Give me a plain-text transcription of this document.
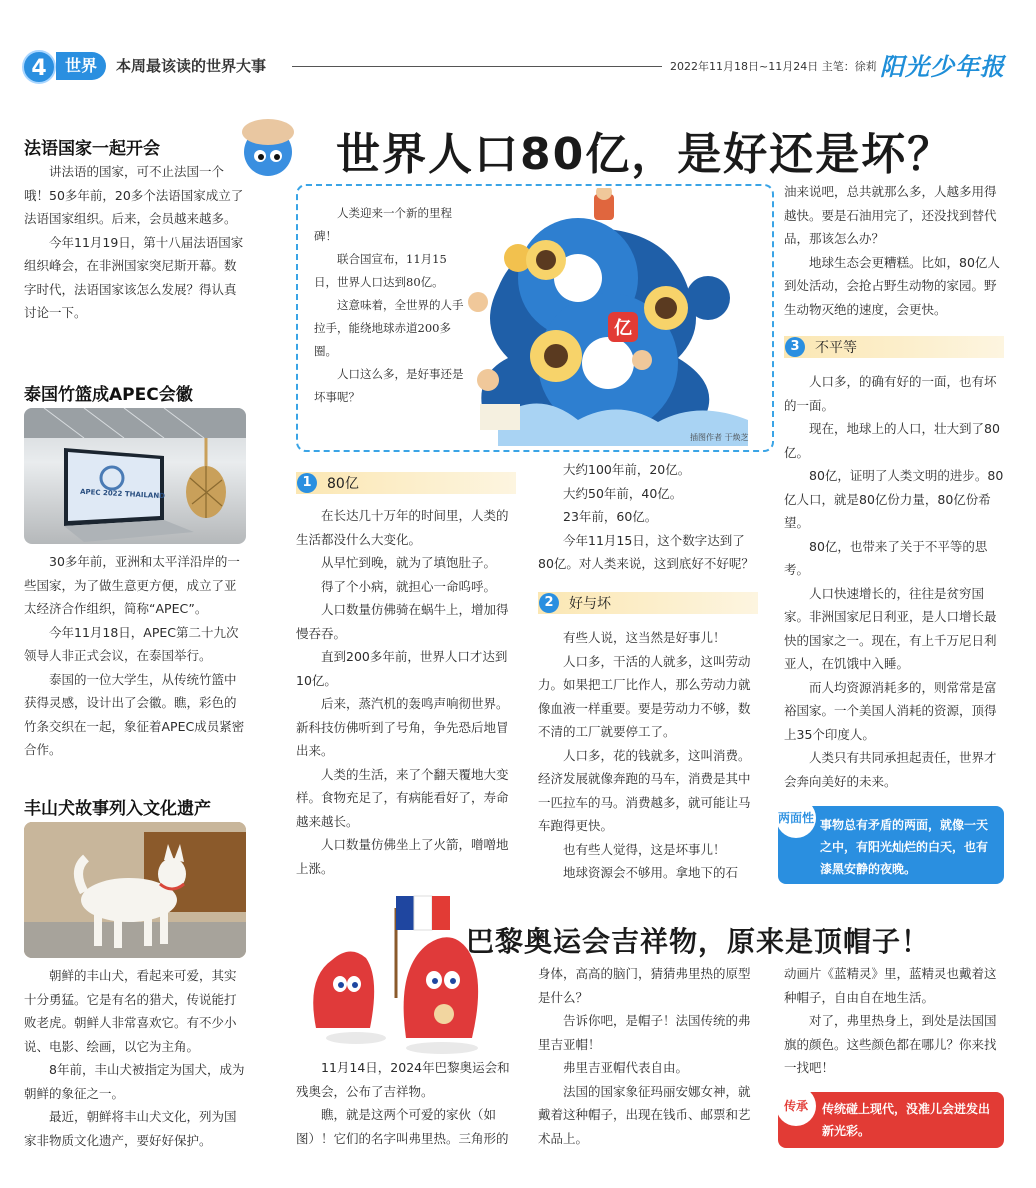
4	世界	本周最该读的世界大事	2022年11月18日~11月24日 主笔：徐莉 阳光少年报
法语国家一起开会

讲法语的国家，可不止法国一个哦！50多年前，20多个法语国家成立了法语国家组织。后来，会员越来越多。

今年11月19日，第十八届法语国家组织峰会，在非洲国家突尼斯开幕。数字时代，法语国家该怎么发展？得认真讨论一下。

泰国竹篮成APEC会徽
APEC 2022 THAILAND

30多年前，亚洲和太平洋沿岸的一些国家，为了做生意更方便，成立了亚太经济合作组织，简称“APEC”。

今年11月18日，APEC第二十九次领导人非正式会议，在泰国举行。

泰国的一位大学生，从传统竹篮中获得灵感，设计出了会徽。瞧，彩色的竹条交织在一起，象征着APEC成员紧密合作。

丰山犬故事列入文化遗产

朝鲜的丰山犬，看起来可爱，其实十分勇猛。它是有名的猎犬，传说能打败老虎。朝鲜人非常喜欢它。有不少小说、电影、绘画，以它为主角。

8年前，丰山犬被指定为国犬，成为朝鲜的象征之一。

最近，朝鲜将丰山犬文化，列为国家非物质文化遗产，要好好保护。

世界人口80亿，是好还是坏？

人类迎来一个新的里程碑！

联合国宣布，11月15日，世界人口达到80亿。

这意味着，全世界的人手拉手，能绕地球赤道200多圈。

人口这么多，是好事还是坏事呢？

亿
插图作者 于焕芝
1	80亿

在长达几十万年的时间里，人类的生活都没什么大变化。

从早忙到晚，就为了填饱肚子。

得了个小病，就担心一命呜呼。

人口数量仿佛骑在蜗牛上，增加得慢吞吞。

直到200多年前，世界人口才达到10亿。

后来，蒸汽机的轰鸣声响彻世界。新科技仿佛听到了号角，争先恐后地冒出来。

人类的生活，来了个翻天覆地大变样。食物充足了，有病能看好了，寿命越来越长。

人口数量仿佛坐上了火箭，噌噌地上涨。

大约100年前，20亿。

大约50年前，40亿。

23年前，60亿。

今年11月15日，这个数字达到了80亿。对人类来说，这到底好不好呢？

2	好与坏

有些人说，这当然是好事儿！

人口多，干活的人就多，这叫劳动力。如果把工厂比作人，那么劳动力就像血液一样重要。要是劳动力不够，数不清的工厂就要停工了。

人口多，花的钱就多，这叫消费。经济发展就像奔跑的马车，消费是其中一匹拉车的马。消费越多，就可能让马车跑得更快。

也有些人觉得，这是坏事儿！

地球资源会不够用。拿地下的石

油来说吧，总共就那么多，人越多用得越快。要是石油用完了，还没找到替代品，那该怎么办？

地球生态会更糟糕。比如，80亿人到处活动，会抢占野生动物的家园。野生动物灭绝的速度，会更快。

3	不平等

人口多，的确有好的一面，也有坏的一面。

现在，地球上的人口，壮大到了80亿。

80亿，证明了人类文明的进步。80亿人口，就是80亿份力量，80亿份希望。

80亿，也带来了关于不平等的思考。

人口快速增长的，往往是贫穷国家。非洲国家尼日利亚，是人口增长最快的国家之一。现在，有上千万尼日利亚人，在饥饿中入睡。

而人均资源消耗多的，则常常是富裕国家。一个美国人消耗的资源，顶得上35个印度人。

人类只有共同承担起责任，世界才会奔向美好的未来。

两面性
事物总有矛盾的两面，就像一天之中，有阳光灿烂的白天，也有漆黑安静的夜晚。
巴黎奥运会吉祥物，原来是顶帽子！

11月14日，2024年巴黎奥运会和残奥会，公布了吉祥物。

瞧，就是这两个可爱的家伙（如图）！它们的名字叫弗里热。三角形的

身体，高高的脑门，猜猜弗里热的原型是什么？

告诉你吧，是帽子！法国传统的弗里吉亚帽！

弗里吉亚帽代表自由。

法国的国家象征玛丽安娜女神，就戴着这种帽子，出现在钱币、邮票和艺术品上。

动画片《蓝精灵》里，蓝精灵也戴着这种帽子，自由自在地生活。

对了，弗里热身上，到处是法国国旗的颜色。这些颜色都在哪儿？你来找一找吧！

传承	传统碰上现代，没准儿会迸发出新光彩。
